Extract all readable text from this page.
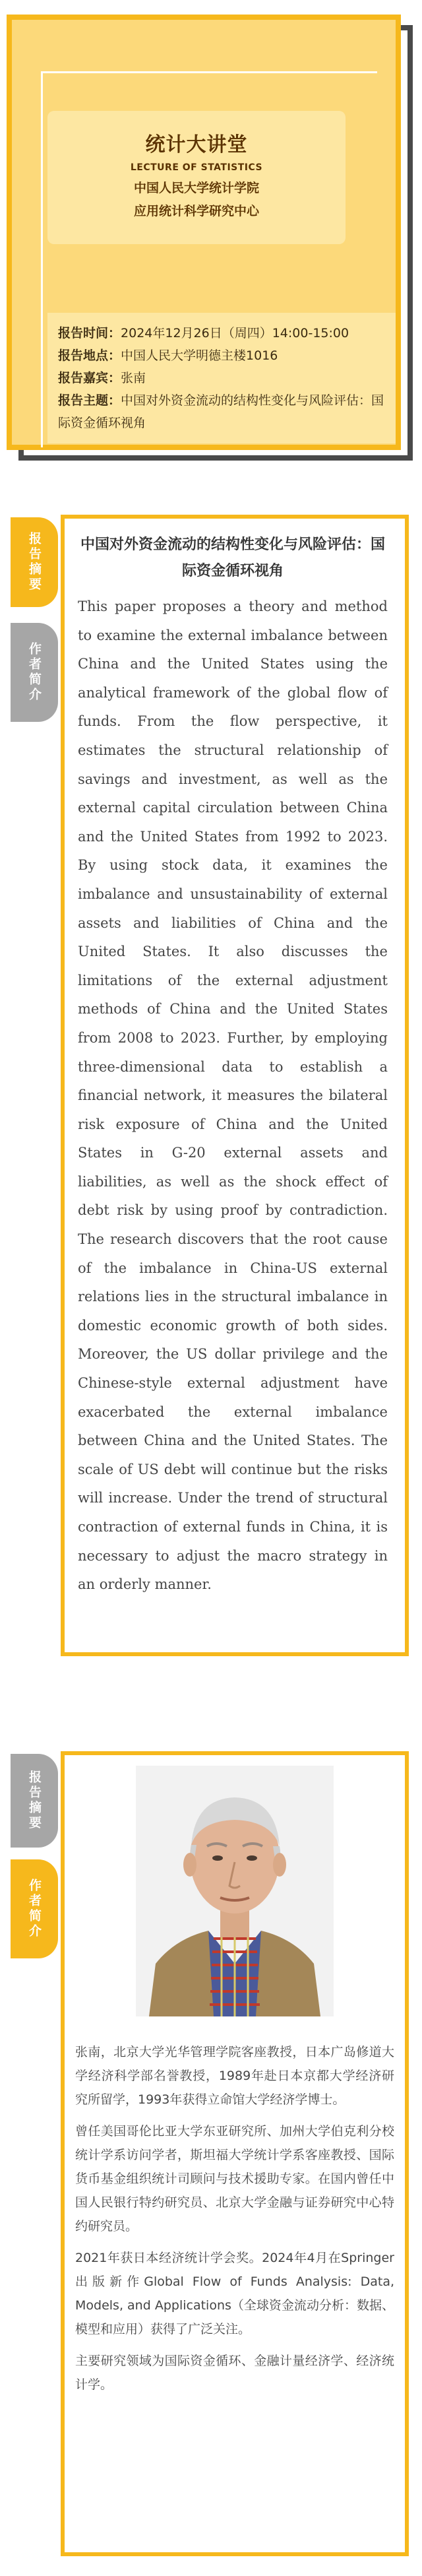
统计大讲堂
LECTURE OF STATISTICS
中国人民大学统计学院
应用统计科学研究中心
报告时间：2024年12月26日（周四）14:00-15:00
报告地点：中国人民大学明德主楼1016
报告嘉宾：张南
报告主题：中国对外资金流动的结构性变化与风险评估：国际资金循环视角
报告摘要
作者简介
中国对外资金流动的结构性变化与风险评估：国际资金循环视角
This paper proposes a theory and method to examine the external imbalance between China and the United States using the analytical framework of the global flow of funds. From the flow perspective, it estimates the structural relationship of savings and investment, as well as the external capital circulation between China and the United States from 1992 to 2023. By using stock data, it examines the imbalance and unsustainability of external assets and liabilities of China and the United States. It also discusses the limitations of the external adjustment methods of China and the United States from 2008 to 2023. Further, by employing three-dimensional data to establish a financial network, it measures the bilateral risk exposure of China and the United States in G-20 external assets and liabilities, as well as the shock effect of debt risk by using proof by contradiction. The research discovers that the root cause of the imbalance in China-US external relations lies in the structural imbalance in domestic economic growth of both sides. Moreover, the US dollar privilege and the Chinese-style external adjustment have exacerbated the external imbalance between China and the United States. The scale of US debt will continue but the risks will increase. Under the trend of structural contraction of external funds in China, it is necessary to adjust the macro strategy in an orderly manner.
报告摘要
作者简介

张南，北京大学光华管理学院客座教授，日本广岛修道大学经济科学部名誉教授，1989年赴日本京都大学经济研究所留学，1993年获得立命馆大学经济学博士。

曾任美国哥伦比亚大学东亚研究所、加州大学伯克利分校统计学系访问学者，斯坦福大学统计学系客座教授、国际货币基金组织统计司顾问与技术援助专家。在国内曾任中国人民银行特约研究员、北京大学金融与证券研究中心特约研究员。

2021年获日本经济统计学会奖。2024年4月在Springer出版新作Global Flow of Funds Analysis: Data, Models, and Applications（全球资金流动分析：数据、模型和应用）获得了广泛关注。

主要研究领域为国际资金循环、金融计量经济学、经济统计学。
